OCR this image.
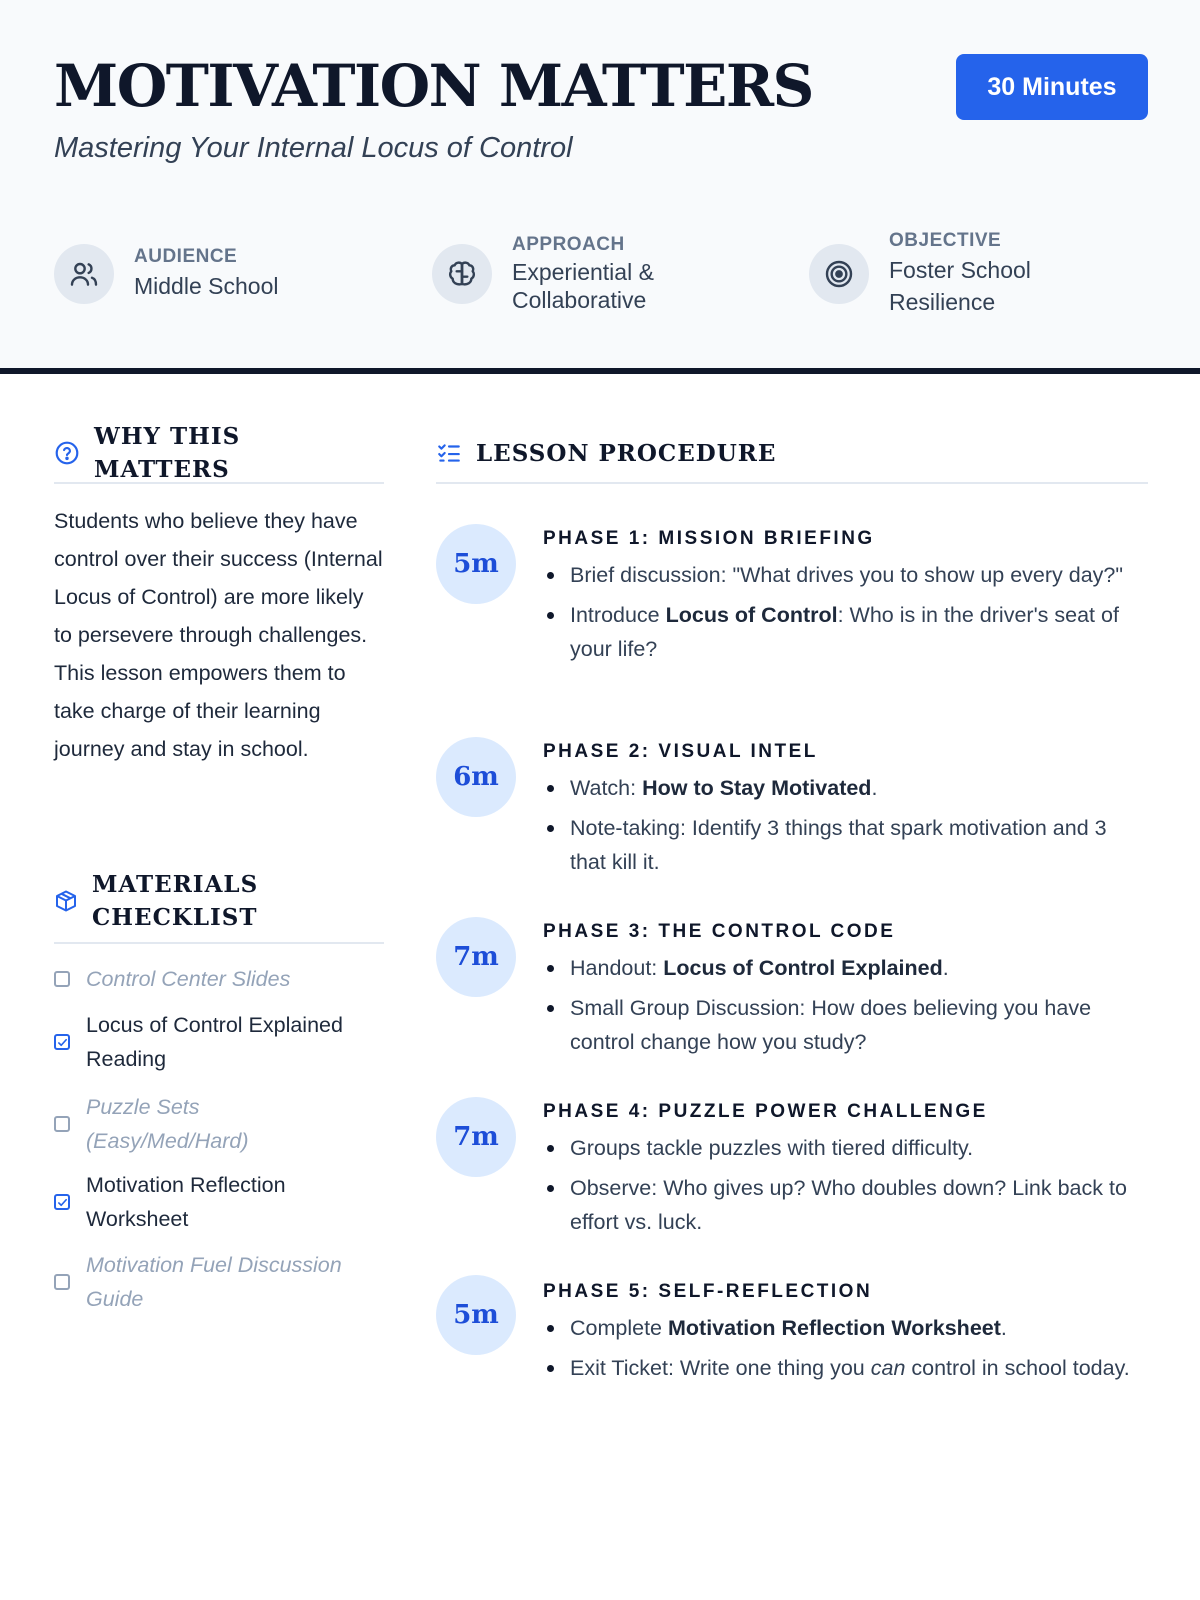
MOTIVATION MATTERS
Mastering Your Internal Locus of Control
30 Minutes
AUDIENCE
Middle School
APPROACH
Experiential & Collaborative
OBJECTIVE
Foster School Resilience
WHY THIS MATTERS

Students who believe they have control over their success (Internal Locus of Control) are more likely to persevere through challenges. This lesson empowers them to take charge of their learning journey and stay in school.

MATERIALS CHECKLIST
Control Center Slides
Locus of Control Explained Reading
Puzzle Sets (Easy/Med/Hard)
Motivation Reflection Worksheet
Motivation Fuel Discussion Guide
LESSON PROCEDURE
5m
PHASE 1: MISSION BRIEFING
Brief discussion: "What drives you to show up every day?"
Introduce Locus of Control: Who is in the driver's seat of your life?
6m
PHASE 2: VISUAL INTEL
Watch: How to Stay Motivated.
Note-taking: Identify 3 things that spark motivation and 3 that kill it.
7m
PHASE 3: THE CONTROL CODE
Handout: Locus of Control Explained.
Small Group Discussion: How does believing you have control change how you study?
7m
PHASE 4: PUZZLE POWER CHALLENGE
Groups tackle puzzles with tiered difficulty.
Observe: Who gives up? Who doubles down? Link back to effort vs. luck.
5m
PHASE 5: SELF-REFLECTION
Complete Motivation Reflection Worksheet.
Exit Ticket: Write one thing you can control in school today.
